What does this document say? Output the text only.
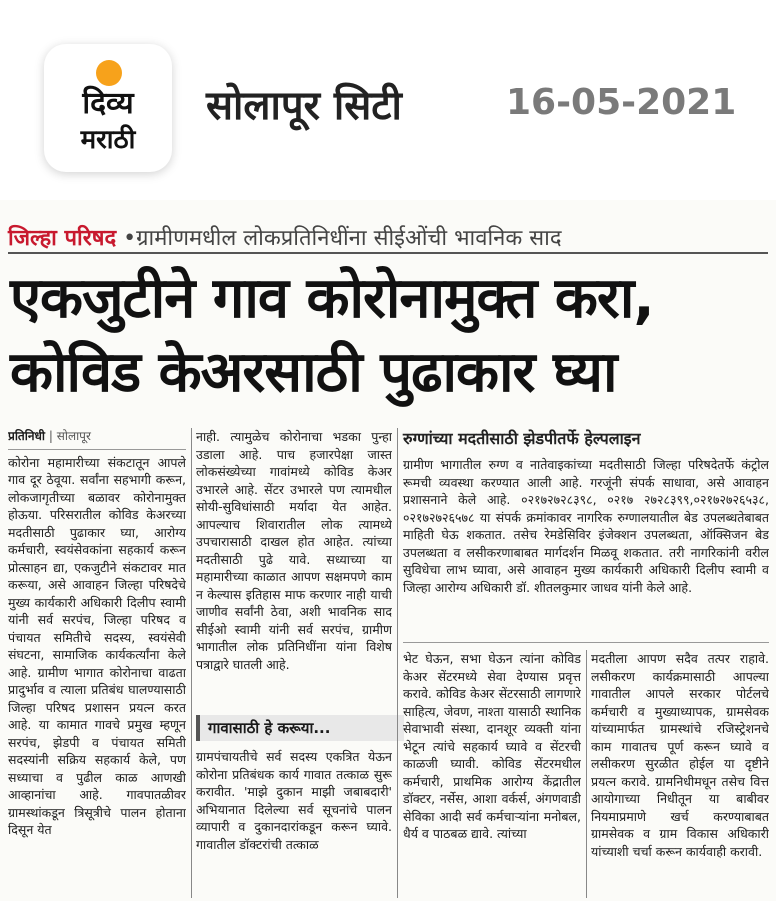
दिव्य
मराठी
सोलापूर सिटी	16-05-2021
जिल्हा परिषद •ग्रामीणमधील लोकप्रतिनिधींना सीईओंची भावनिक साद
एकजुटीने गाव कोरोनामुक्त करा,
कोविड केअरसाठी पुढाकार घ्या
प्रतिनिधी | सोलापूर
कोरोना महामारीच्या संकटातून आपले गाव दूर ठेवूया. सर्वांना सहभागी करून, लोकजागृतीच्या बळावर कोरोनामुक्त होऊया. परिसरातील कोविड केअरच्या मदतीसाठी पुढाकार घ्या, आरोग्य कर्मचारी, स्वयंसेवकांना सहकार्य करून प्रोत्साहन द्या, एकजुटीने संकटावर मात करूया, असे आवाहन जिल्हा परिषदेचे मुख्य कार्यकारी अधिकारी दिलीप स्वामी यांनी सर्व सरपंच, जिल्हा परिषद व पंचायत समितीचे सदस्य, स्वयंसेवी संघटना, सामाजिक कार्यकर्त्यांना केले आहे. ग्रामीण भागात कोरोनाचा वाढता प्रादुर्भाव व त्याला प्रतिबंध घालण्यासाठी जिल्हा परिषद प्रशासन प्रयत्न करत आहे. या कामात गावचे प्रमुख म्हणून सरपंच, झेडपी व पंचायत समिती सदस्यांनी सक्रिय सहकार्य केले, पण सध्याचा व पुढील काळ आणखी आव्हानांचा आहे. गावपातळीवर ग्रामस्थांकडून त्रिसूत्रीचे पालन होताना दिसून येत
नाही. त्यामुळेच कोरोनाचा भडका पुन्हा उडाला आहे. पाच हजारपेक्षा जास्त लोकसंख्येच्या गावांमध्ये कोविड केअर उभारले आहे. सेंटर उभारले पण त्यामधील सोयी-सुविधांसाठी मर्यादा येत आहेत. आपल्याच शिवारातील लोक त्यामध्ये उपचारासाठी दाखल होत आहेत. त्यांच्या मदतीसाठी पुढे यावे. सध्याच्या या महामारीच्या काळात आपण सक्षमपणे काम न केल्यास इतिहास माफ करणार नाही याची जाणीव सर्वांनी ठेवा, अशी भावनिक साद सीईओ स्वामी यांनी सर्व सरपंच, ग्रामीण भागातील लोक प्रतिनिधींना यांना विशेष पत्राद्वारे घातली आहे.
गावासाठी हे करूया...
ग्रामपंचायतीचे सर्व सदस्य एकत्रित येऊन कोरोना प्रतिबंधक कार्य गावात तत्काळ सुरू करावीत. 'माझे दुकान माझी जबाबदारी' अभियानात दिलेल्या सर्व सूचनांचे पालन व्यापारी व दुकानदारांकडून करून घ्यावे. गावातील डॉक्टरांची तत्काळ
रुग्णांच्या मदतीसाठी झेडपीतर्फे हेल्पलाइन
ग्रामीण भागातील रुग्ण व नातेवाइकांच्या मदतीसाठी जिल्हा परिषदेतर्फे कंट्रोल रूमची व्यवस्था करण्यात आली आहे. गरजूंनी संपर्क साधावा, असे आवाहन प्रशासनाने केले आहे. ०२१७२७२८३९८, ०२१७ २७२८३९९,०२१७२७२६५३८, ०२१७२७२६५७८ या संपर्क क्रमांकावर नागरिक रुग्णालयातील बेड उपलब्धतेबाबत माहिती घेऊ शकतात. तसेच रेमडेसिविर इंजेक्शन उपलब्धता, ऑक्सिजन बेड उपलब्धता व लसीकरणाबाबत मार्गदर्शन मिळवू शकतात. तरी नागरिकांनी वरील सुविधेचा लाभ घ्यावा, असे आवाहन मुख्य कार्यकारी अधिकारी दिलीप स्वामी व जिल्हा आरोग्य अधिकारी डॉ. शीतलकुमार जाधव यांनी केले आहे.
भेट घेऊन, सभा घेऊन त्यांना कोविड केअर सेंटरमध्ये सेवा देण्यास प्रवृत्त करावे. कोविड केअर सेंटरसाठी लागणारे साहित्य, जेवण, नाश्ता यासाठी स्थानिक सेवाभावी संस्था, दानशूर व्यक्ती यांना भेटून त्यांचे सहकार्य घ्यावे व सेंटरची काळजी घ्यावी. कोविड सेंटरमधील कर्मचारी, प्राथमिक आरोग्य केंद्रातील डॉक्टर, नर्सेस, आशा वर्कर्स, अंगणवाडी सेविका आदी सर्व कर्मचाऱ्यांना मनोबल, धैर्य व पाठबळ द्यावे. त्यांच्या
मदतीला आपण सदैव तत्पर राहावे. लसीकरण कार्यक्रमासाठी आपल्या गावातील आपले सरकार पोर्टलचे कर्मचारी व मुख्याध्यापक, ग्रामसेवक यांच्यामार्फत ग्रामस्थांचे रजिस्ट्रेशनचे काम गावातच पूर्ण करून घ्यावे व लसीकरण सुरळीत होईल या दृष्टीने प्रयत्न करावे. ग्रामनिधीमधून तसेच वित्त आयोगाच्या निधीतून या बाबीवर नियमाप्रमाणे खर्च करण्याबाबत ग्रामसेवक व ग्राम विकास अधिकारी यांच्याशी चर्चा करून कार्यवाही करावी.
